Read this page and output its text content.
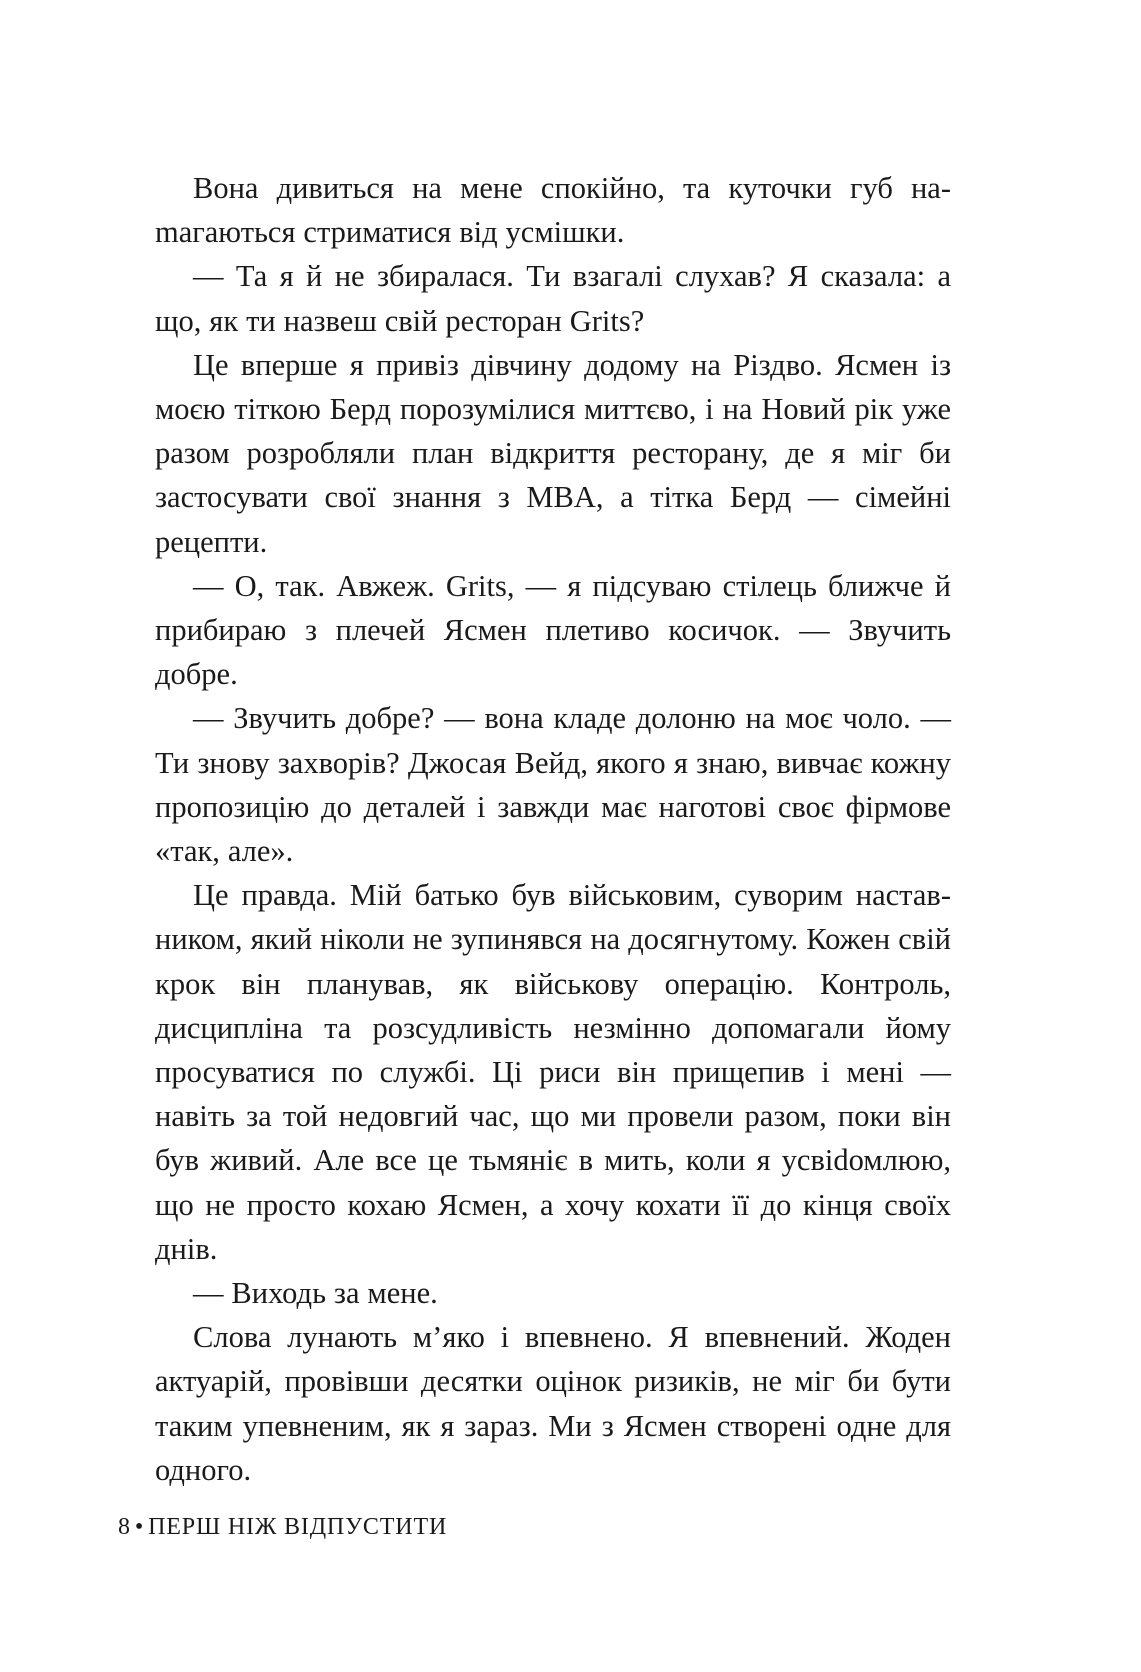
Вона дивиться на мене спокійно, та куточки губ наmагаються стриматися від усмішки.

— Та я й не збиралася. Ти взагалі слухав? Я сказала: а що, як ти назвеш свій ресторан Grits?

Це вперше я привіз дівчину додому на Різдво. Ясмен із моєю тіткою Берд порозумілися миттєво, і на Новий рік уже разом розробляли план відкриття ресторану, де я міг би застосувати свої знання з MBA, а тітка Берд — сімейні рецепти.

— О, так. Авжеж. Grits, — я підсуваю стілець ближче й прибираю з плечей Ясмен плетиво косичок. — Звучить добре.

— Звучить добре? — вона кладе долоню на моє чоло. — Ти знову захворів? Джосая Вейд, якого я знаю, вивчає кожну пропозицію до деталей і завжди має наготові своє фірмове «так, але».

Це правда. Мій батько був військовим, суворим наставником, який ніколи не зупинявся на досягнутому. Кожен свій крок він планував, як військову операцію. Контроль, дисципліна та розсудливість незмінно допомагали йому просуватися по службі. Ці риси він прищепив і мені — навіть за той недовгий час, що ми провели разом, поки він був живий. Але все це тьмяніє в мить, коли я усвіdомлюю, що не просто кохаю Ясмен, а хочу кохати її до кінця своїх днів.

— Виходь за мене.

Слова лунають м’яко і впевнено. Я впевнений. Жоден актуарій, провівши десятки оцінок ризиків, не міг би бути таким упевненим, як я зараз. Ми з Ясмен створені одне для одного.

8 • ПЕРШ НІЖ ВІДПУСТИТИ
